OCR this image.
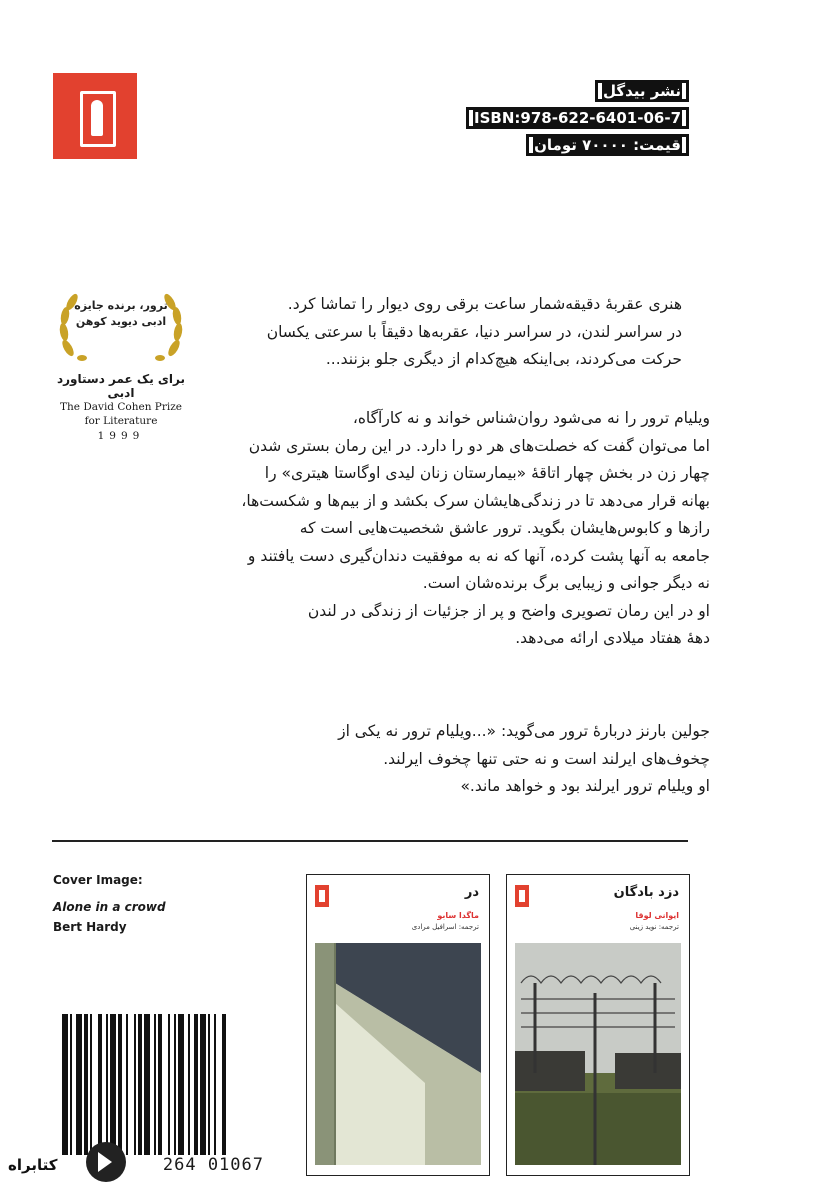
نشر بیدگل
ISBN:978-622-6401-06-7
قیمت: ۷۰۰۰۰ تومان
ترور، برنده جایزه ادبی دیوید کوهن
برای یک عمر دستاورد ادبی
The David Cohen Prize
for Literature
1999
هنری عقربهٔ دقیقه‌شمار ساعت برقی روی دیوار را تماشا کرد.
در سراسر لندن، در سراسر دنیا، عقربه‌ها دقیقاً با سرعتی یکسان
حرکت می‌کردند، بی‌اینکه هیچ‌کدام از دیگری جلو بزنند...
ویلیام ترور را نه می‌شود روان‌شناس خواند و نه کارآگاه،
اما می‌توان گفت که خصلت‌های هر دو را دارد. در این رمان بستری شدن
چهار زن در بخش چهار اتاقهٔ «بیمارستان زنان لیدی اوگاستا هیتری» را
بهانه قرار می‌دهد تا در زندگی‌هایشان سرک بکشد و از بیم‌ها و شکست‌ها،
رازها و کابوس‌هایشان بگوید. ترور عاشق شخصیت‌هایی است که
جامعه به آنها پشت کرده، آنها که نه به موفقیت دندان‌گیری دست یافتند و
نه دیگر جوانی و زیبایی برگ برنده‌شان است.
او در این رمان تصویری واضح و پر از جزئیات از زندگی در لندن
دههٔ هفتاد میلادی ارائه می‌دهد.
جولین بارنز دربارهٔ ترور می‌گوید: «...ویلیام ترور نه یکی از
چخوف‌های ایرلند است و نه حتی تنها چخوف ایرلند.
او ویلیام ترور ایرلند بود و خواهد ماند.»
Cover Image:
Alone in a crowd
Bert Hardy
264 01067
کتابراه
دزد بادگان
ایوانی لوقا
ترجمه: نوید زینی
در
ماگدا سابو
ترجمه: اسرافیل مرادی
